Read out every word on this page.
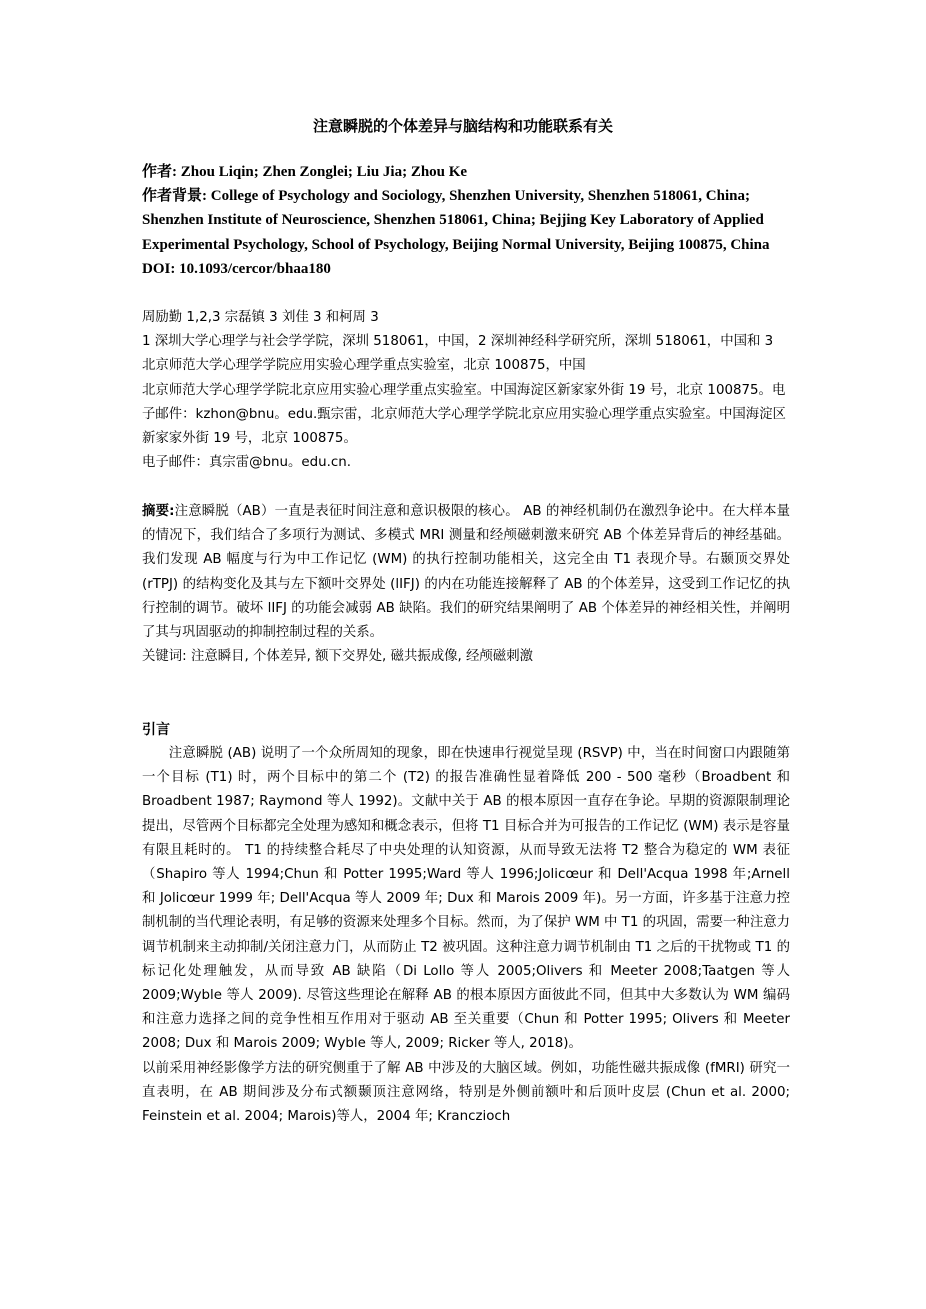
注意瞬脱的个体差异与脑结构和功能联系有关
作者: Zhou Liqin; Zhen Zonglei; Liu Jia; Zhou Ke
作者背景: College of Psychology and Sociology, Shenzhen University, Shenzhen 518061, China; Shenzhen Institute of Neuroscience, Shenzhen 518061, China; Bejjing Key Laboratory of Applied Experimental Psychology, School of Psychology, Beijing Normal University, Beijing 100875, China
DOI: 10.1093/cercor/bhaa180

周励勤 1,2,3 宗磊镇 3 刘佳 3 和柯周 3

1 深圳大学心理学与社会学学院，深圳 518061，中国，2 深圳神经科学研究所，深圳 518061，中国和 3 北京师范大学心理学学院应用实验心理学重点实验室，北京 100875，中国

北京师范大学心理学学院北京应用实验心理学重点实验室。中国海淀区新家家外街 19 号，北京 100875。电子邮件：kzhon@bnu。edu.甄宗雷，北京师范大学心理学学院北京应用实验心理学重点实验室。中国海淀区新家家外街 19 号，北京 100875。

电子邮件：真宗雷@bnu。edu.cn.

摘要:注意瞬脱（AB）一直是表征时间注意和意识极限的核心。 AB 的神经机制仍在激烈争论中。在大样本量的情况下，我们结合了多项行为测试、多模式 MRI 测量和经颅磁刺激来研究 AB 个体差异背后的神经基础。我们发现 AB 幅度与行为中工作记忆 (WM) 的执行控制功能相关，这完全由 T1 表现介导。右颞顶交界处 (rTPJ) 的结构变化及其与左下额叶交界处 (lIFJ) 的内在功能连接解释了 AB 的个体差异，这受到工作记忆的执行控制的调节。破坏 lIFJ 的功能会减弱 AB 缺陷。我们的研究结果阐明了 AB 个体差异的神经相关性，并阐明了其与巩固驱动的抑制控制过程的关系。

关键词: 注意瞬目, 个体差异, 额下交界处, 磁共振成像, 经颅磁刺激

引言

注意瞬脱 (AB) 说明了一个众所周知的现象，即在快速串行视觉呈现 (RSVP) 中，当在时间窗口内跟随第一个目标 (T1) 时，两个目标中的第二个 (T2) 的报告准确性显着降低 200 - 500 毫秒（Broadbent 和 Broadbent 1987; Raymond 等人 1992)。文献中关于 AB 的根本原因一直存在争论。早期的资源限制理论提出，尽管两个目标都完全处理为感知和概念表示，但将 T1 目标合并为可报告的工作记忆 (WM) 表示是容量有限且耗时的。 T1 的持续整合耗尽了中央处理的认知资源，从而导致无法将 T2 整合为稳定的 WM 表征（Shapiro 等人 1994;Chun 和 Potter 1995;Ward 等人 1996;Jolicœur 和 Dell'Acqua 1998 年;Arnell 和 Jolicœur 1999 年; Dell'Acqua 等人 2009 年; Dux 和 Marois 2009 年)。另一方面，许多基于注意力控制机制的当代理论表明，有足够的资源来处理多个目标。然而，为了保护 WM 中 T1 的巩固，需要一种注意力调节机制来主动抑制/关闭注意力门，从而防止 T2 被巩固。这种注意力调节机制由 T1 之后的干扰物或 T1 的标记化处理触发，从而导致 AB 缺陷（Di Lollo 等人 2005;Olivers 和 Meeter 2008;Taatgen 等人 2009;Wyble 等人 2009). 尽管这些理论在解释 AB 的根本原因方面彼此不同，但其中大多数认为 WM 编码和注意力选择之间的竞争性相互作用对于驱动 AB 至关重要（Chun 和 Potter 1995; Olivers 和 Meeter 2008; Dux 和 Marois 2009; Wyble 等人, 2009; Ricker 等人, 2018)。

以前采用神经影像学方法的研究侧重于了解 AB 中涉及的大脑区域。例如，功能性磁共振成像 (fMRI) 研究一直表明，在 AB 期间涉及分布式额颞顶注意网络，特别是外侧前额叶和后顶叶皮层 (Chun et al. 2000; Feinstein et al. 2004; Marois)等人，2004 年; Kranczioch
